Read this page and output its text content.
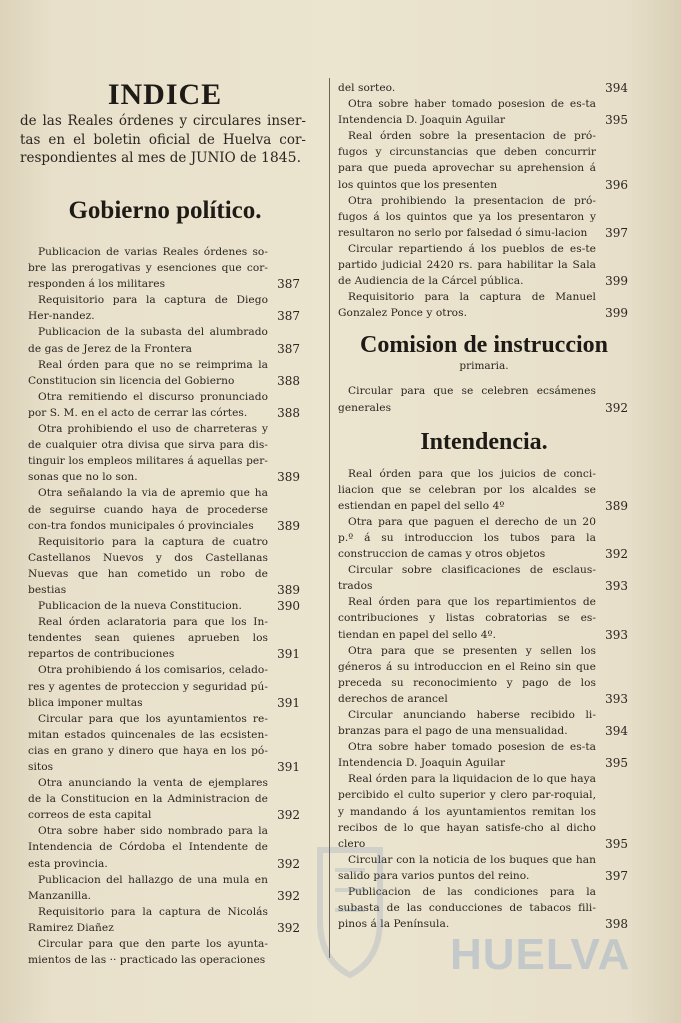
INDICE
de las Reales órdenes y circulares inser-tas en el boletin oficial de Huelva cor-respondientes al mes de JUNIO de 1845.
Gobierno político.
Publicacion de varias Reales órdenes so-bre las prerogativas y esenciones que cor-responden á los militares	387
Requisitorio para la captura de Diego Her-nandez.	387
Publicacion de la subasta del alumbrado de gas de Jerez de la Frontera	387
Real órden para que no se reimprima la Constitucion sin licencia del Gobierno	388
Otra remitiendo el discurso pronunciado por S. M. en el acto de cerrar las córtes.	388
Otra prohibiendo el uso de charreteras y de cualquier otra divisa que sirva para dis-tinguir los empleos militares á aquellas per-sonas que no lo son.	389
Otra señalando la via de apremio que ha de seguirse cuando haya de procederse con-tra fondos municipales ó provinciales	389
Requisitorio para la captura de cuatro Castellanos Nuevos y dos Castellanas Nuevas que han cometido un robo de bestias	389
Publicacion de la nueva Constitucion.	390
Real órden aclaratoria para que los In-tendentes sean quienes aprueben los repartos de contribuciones	391
Otra prohibiendo á los comisarios, celado-res y agentes de proteccion y seguridad pú-blica imponer multas	391
Circular para que los ayuntamientos re-mitan estados quincenales de las ecsisten-cias en grano y dinero que haya en los pó-sitos	391
Otra anunciando la venta de ejemplares de la Constitucion en la Administracion de correos de esta capital	392
Otra sobre haber sido nombrado para la Intendencia de Córdoba el Intendente de esta provincia.	392
Publicacion del hallazgo de una mula en Manzanilla.	392
Requisitorio para la captura de Nicolás Ramirez Diañez	392
Circular para que den parte los ayunta-mientos de las ·· practicado las operaciones
del sorteo.	394
Otra sobre haber tomado posesion de es-ta Intendencia D. Joaquin Aguilar	395
Real órden sobre la presentacion de pró-fugos y circunstancias que deben concurrir para que pueda aprovechar su aprehension á los quintos que los presenten	396
Otra prohibiendo la presentacion de pró-fugos á los quintos que ya los presentaron y resultaron no serlo por falsedad ó simu-lacion	397
Circular repartiendo á los pueblos de es-te partido judicial 2420 rs. para habilitar la Sala de Audiencia de la Cárcel pública.	399
Requisitorio para la captura de Manuel Gonzalez Ponce y otros.	399
Comision de instruccion
primaria.
Circular para que se celebren ecsámenes generales	392
Intendencia.
Real órden para que los juicios de conci-liacion que se celebran por los alcaldes se estiendan en papel del sello 4º	389
Otra para que paguen el derecho de un 20 p.º á su introduccion los tubos para la construccion de camas y otros objetos	392
Circular sobre clasificaciones de esclaus-trados	393
Real órden para que los repartimientos de contribuciones y listas cobratorias se es-tiendan en papel del sello 4º.	393
Otra para que se presenten y sellen los géneros á su introduccion en el Reino sin que preceda su reconocimiento y pago de los derechos de arancel	393
Circular anunciando haberse recibido li-branzas para el pago de una mensualidad.	394
Otra sobre haber tomado posesion de es-ta Intendencia D. Joaquin Aguilar	395
Real órden para la liquidacion de lo que haya percibido el culto superior y clero par-roquial, y mandando á los ayuntamientos remitan los recibos de lo que hayan satisfe-cho al dicho clero	395
Circular con la noticia de los buques que han salido para varios puntos del reino.	397
Publicacion de las condiciones para la subasta de las conducciones de tabacos fili-pinos á la Península.	398
HUELVA
